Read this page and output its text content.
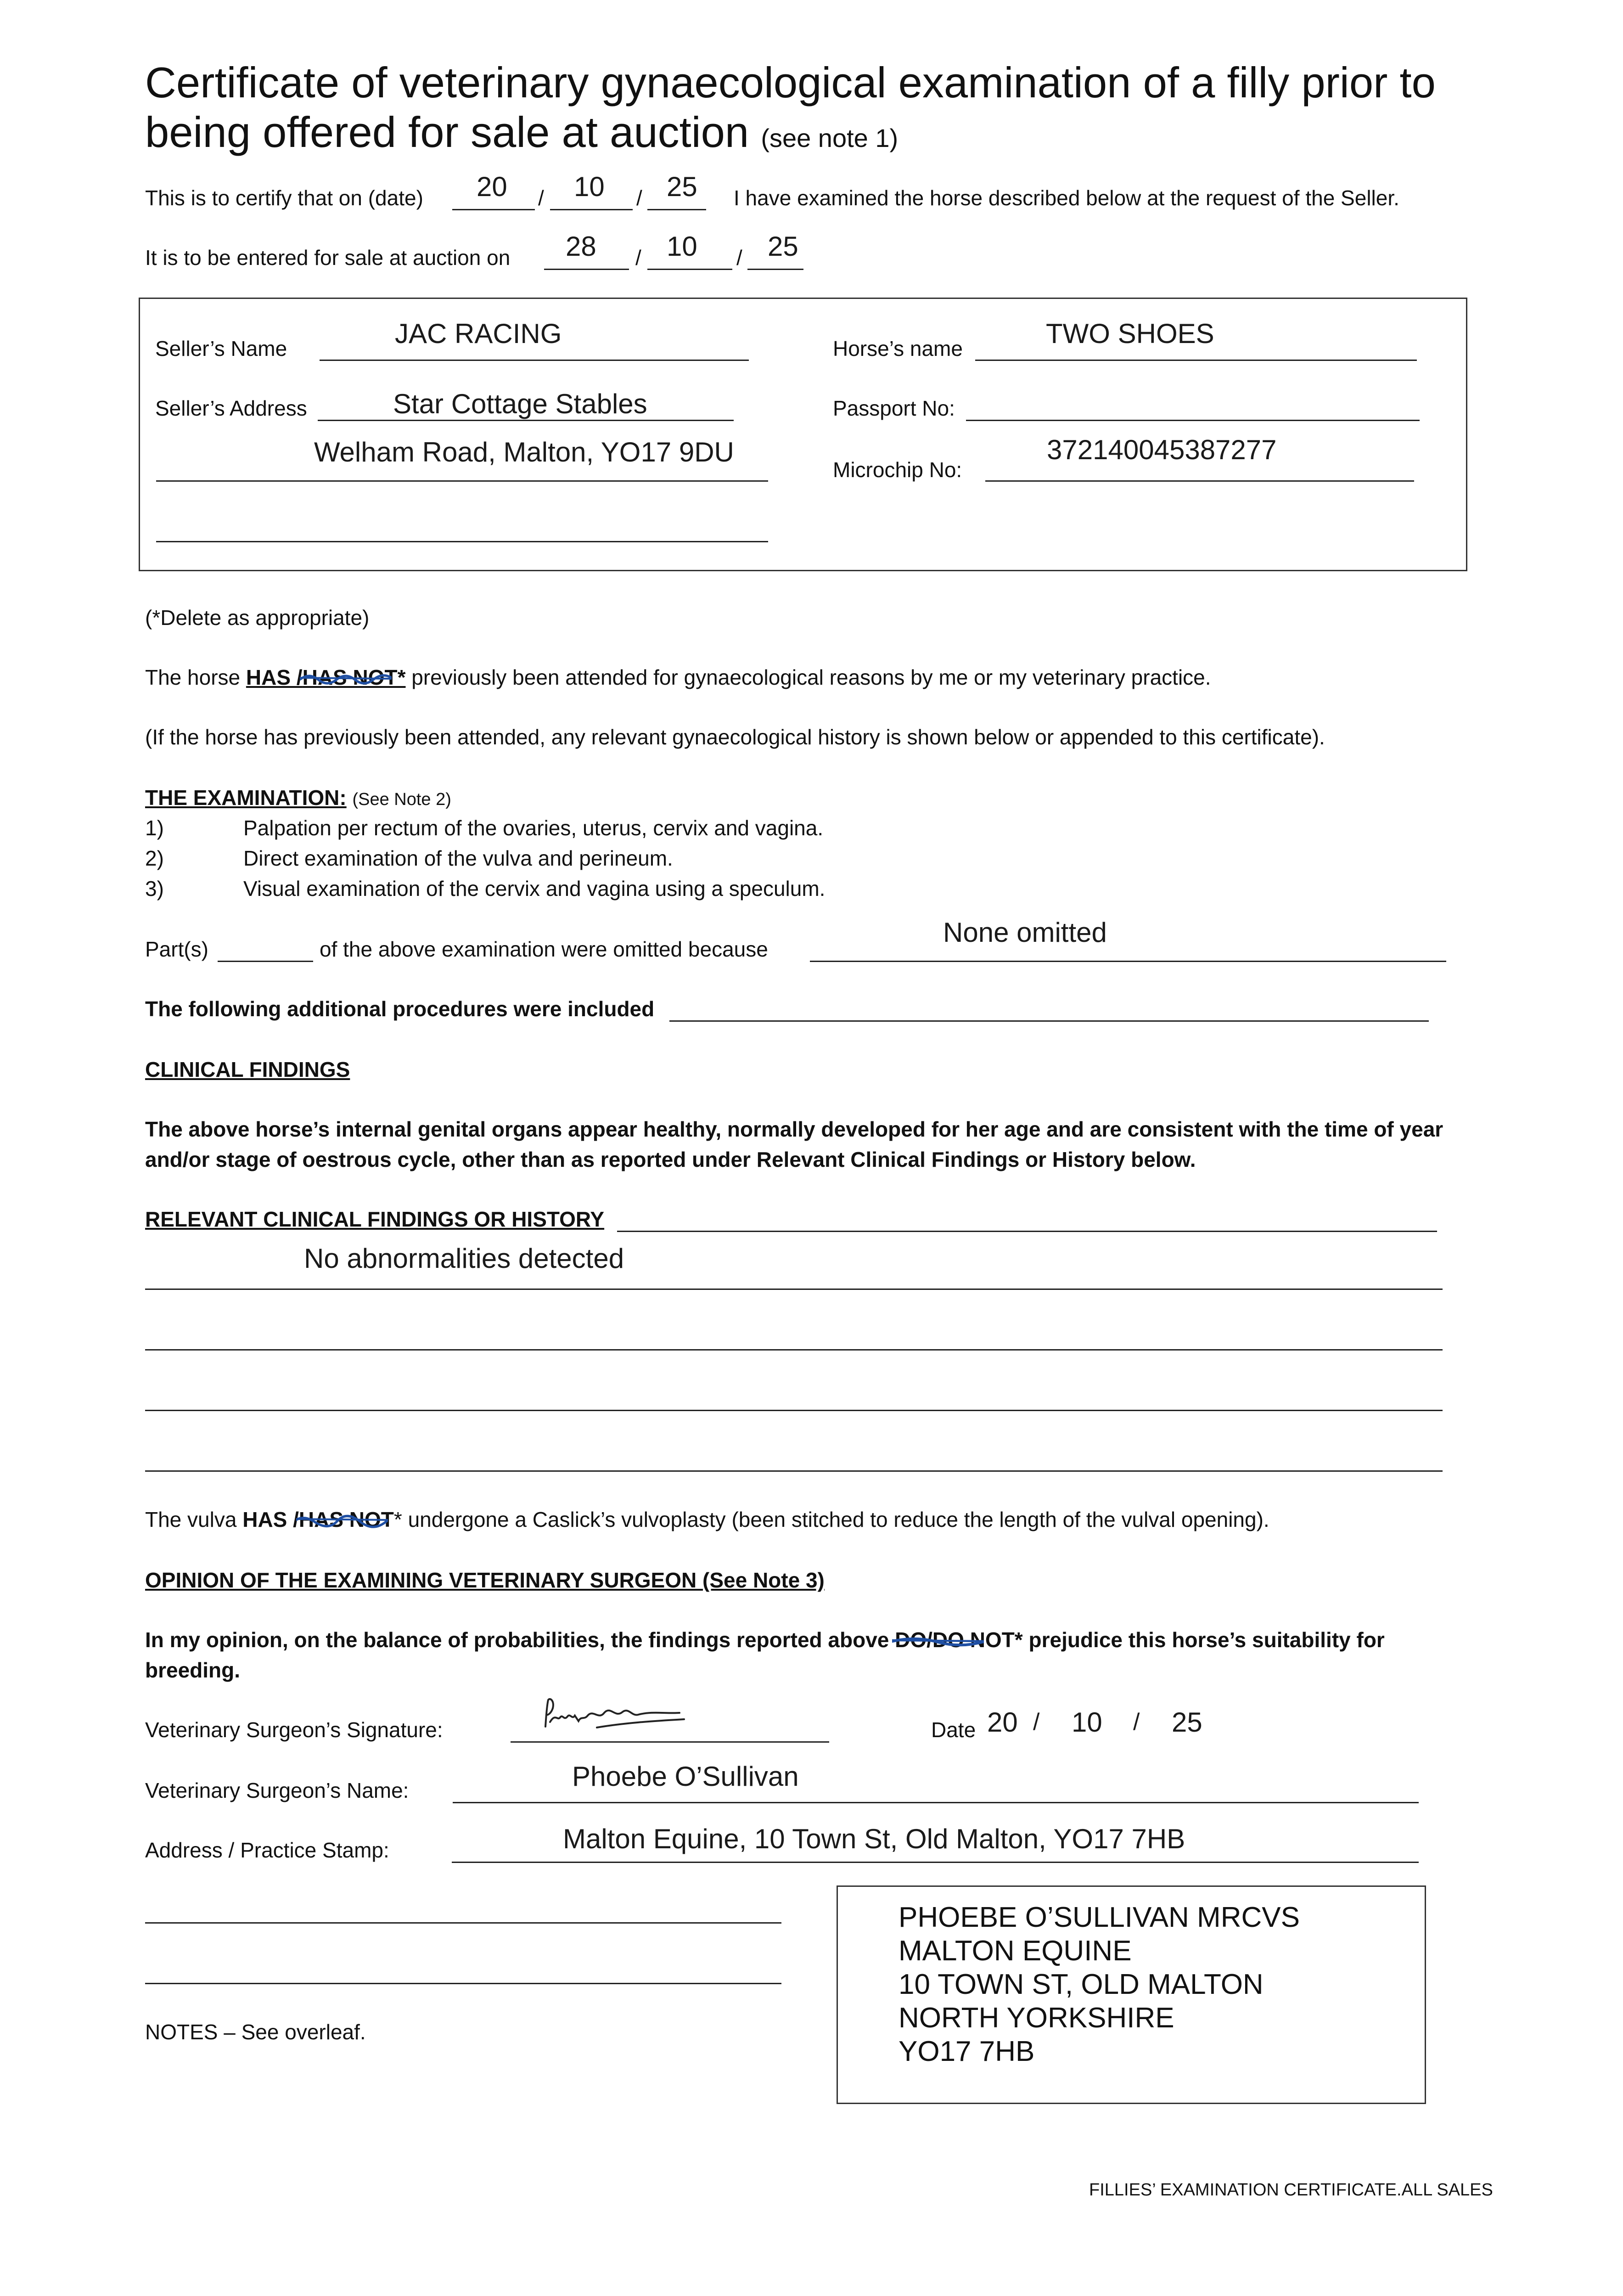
Certificate of veterinary gynaecological examination of a filly prior to
being offered for sale at auction (see note 1)
This is to certify that on (date) 20 / 10 / 25 I have examined the horse described below at the request of the Seller.
It is to be entered for sale at auction on 28 / 10 / 25
Seller’s Name	JAC RACING
Seller’s Address	Star Cottage Stables
Welham Road, Malton, YO17 9DU
Horse’s name	TWO SHOES
Passport No:
Microchip No:
372140045387277
(*Delete as appropriate)
The horse HAS /HAS NOT* previously been attended for gynaecological reasons by me or my veterinary practice.
(If the horse has previously been attended, any relevant gynaecological history is shown below or appended to this certificate).
THE EXAMINATION: (See Note 2)
1)	Palpation per rectum of the ovaries, uterus, cervix and vagina.
2)	Direct examination of the vulva and perineum.
3)	Visual examination of the cervix and vagina using a speculum.
Part(s)	of the above examination were omitted because
None omitted
The following additional procedures were included
CLINICAL FINDINGS
The above horse’s internal genital organs appear healthy, normally developed for her age and are consistent with the time of year
and/or stage of oestrous cycle, other than as reported under Relevant Clinical Findings or History below.
RELEVANT CLINICAL FINDINGS OR HISTORY
No abnormalities detected
The vulva HAS /HAS NOT
* undergone a Caslick’s vulvoplasty (been stitched to reduce the length of the vulval opening).
OPINION OF THE EXAMINING VETERINARY SURGEON (See Note 3)
In my opinion, on the balance of probabilities, the findings reported above DO
/DO NOT* prejudice this horse’s suitability for
breeding.
Veterinary Surgeon’s Signature:	Date 20 / 10 / 25
Veterinary Surgeon’s Name:	Phoebe O’Sullivan
Address / Practice Stamp:	Malton Equine, 10 Town St, Old Malton, YO17 7HB
PHOEBE O’SULLIVAN MRCVS
MALTON EQUINE
10 TOWN ST, OLD MALTON
NORTH YORKSHIRE
YO17 7HB
NOTES – See overleaf.
FILLIES’ EXAMINATION CERTIFICATE.ALL SALES
